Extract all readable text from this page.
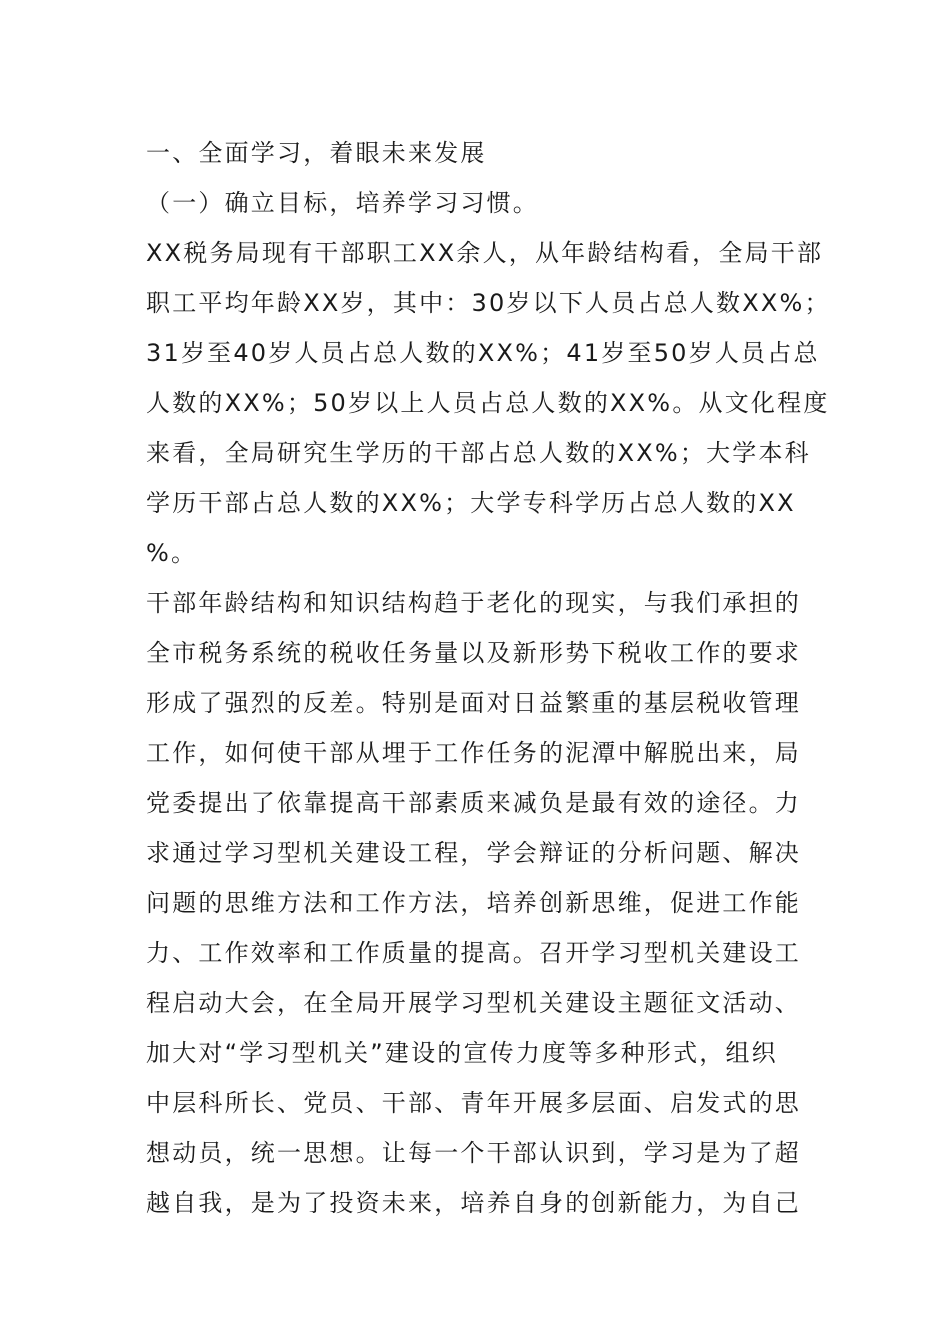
一、全面学习，着眼未来发展
（一）确立目标，培养学习习惯。
XX税务局现有干部职工XX余人，从年龄结构看，全局干部
职工平均年龄XX岁，其中：30岁以下人员占总人数XX%；
31岁至40岁人员占总人数的XX%；41岁至50岁人员占总
人数的XX%；50岁以上人员占总人数的XX%。从文化程度
来看，全局研究生学历的干部占总人数的XX%；大学本科
学历干部占总人数的XX%；大学专科学历占总人数的XX
%。
干部年龄结构和知识结构趋于老化的现实，与我们承担的
全市税务系统的税收任务量以及新形势下税收工作的要求
形成了强烈的反差。特别是面对日益繁重的基层税收管理
工作，如何使干部从埋于工作任务的泥潭中解脱出来，局
党委提出了依靠提高干部素质来减负是最有效的途径。力
求通过学习型机关建设工程，学会辩证的分析问题、解决
问题的思维方法和工作方法，培养创新思维，促进工作能
力、工作效率和工作质量的提高。召开学习型机关建设工
程启动大会，在全局开展学习型机关建设主题征文活动、
加大对“学习型机关”建设的宣传力度等多种形式，组织
中层科所长、党员、干部、青年开展多层面、启发式的思
想动员，统一思想。让每一个干部认识到，学习是为了超
越自我，是为了投资未来，培养自身的创新能力，为自己
